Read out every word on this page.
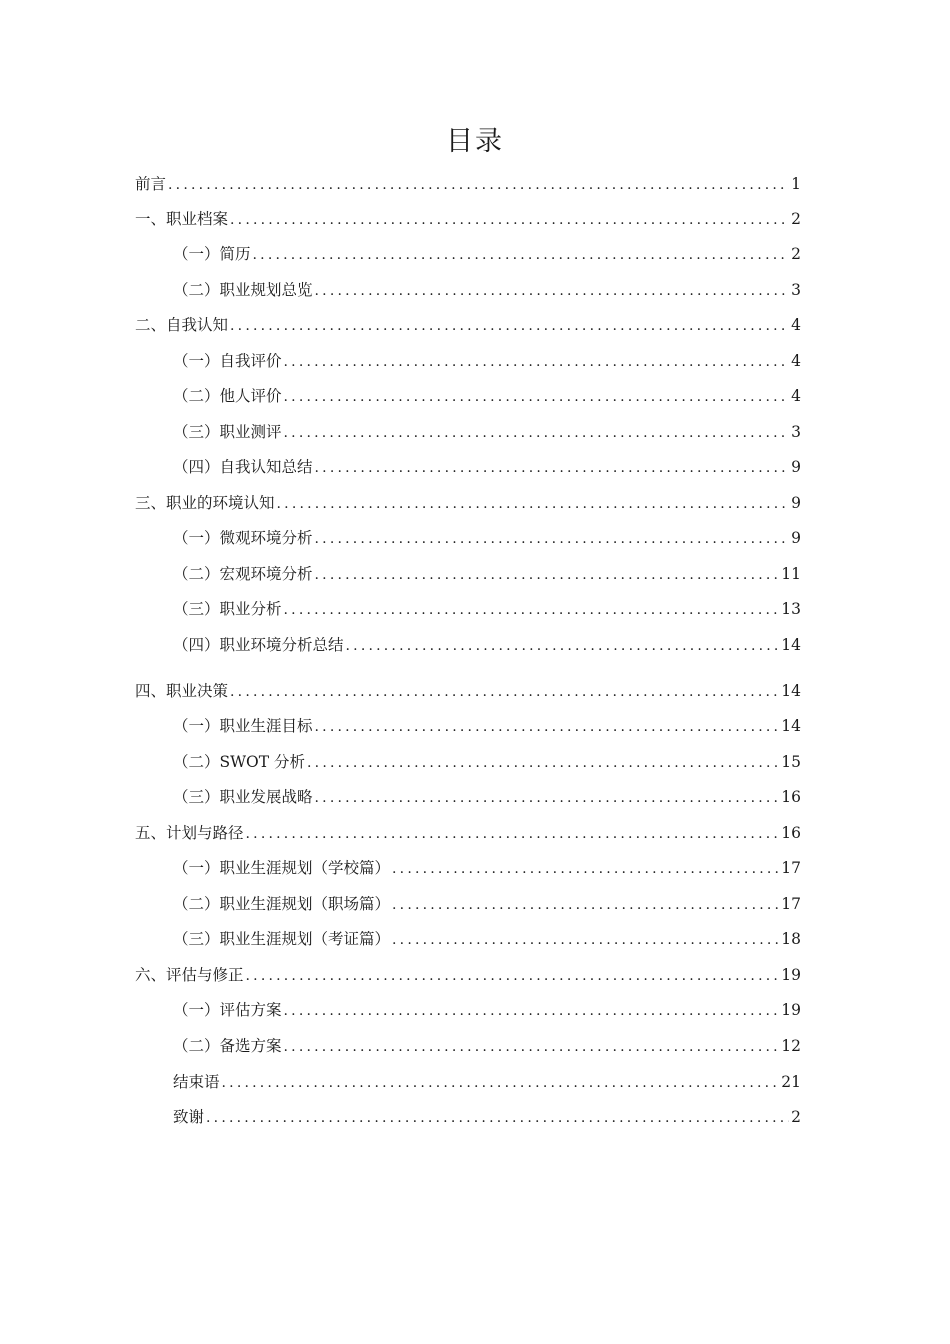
目录
前言 .....	1
一、职业档案 .....	2
（一）简历 .....	2
（二）职业规划总览 .....	3
二、自我认知 .....	4
（一）自我评价 .....	4
（二）他人评价 .....	4
（三）职业测评 .....	3
（四）自我认知总结 .....	9
三、职业的环境认知 .....	9
（一）微观环境分析 .....	9
（二）宏观环境分析 .....	11
（三）职业分析 .....	13
（四）职业环境分析总结 .....	14
四、职业决策 .....	14
（一）职业生涯目标 .....	14
（二）SWOT 分析 .....	15
（三）职业发展战略 .....	16
五、计划与路径 .....	16
（一）职业生涯规划（学校篇） .....	17
（二）职业生涯规划（职场篇） .....	17
（三）职业生涯规划（考证篇） .....	18
六、评估与修正 .....	19
（一）评估方案 .....	19
（二）备选方案 .....	12
结束语 .....	21
致谢 .....	2
